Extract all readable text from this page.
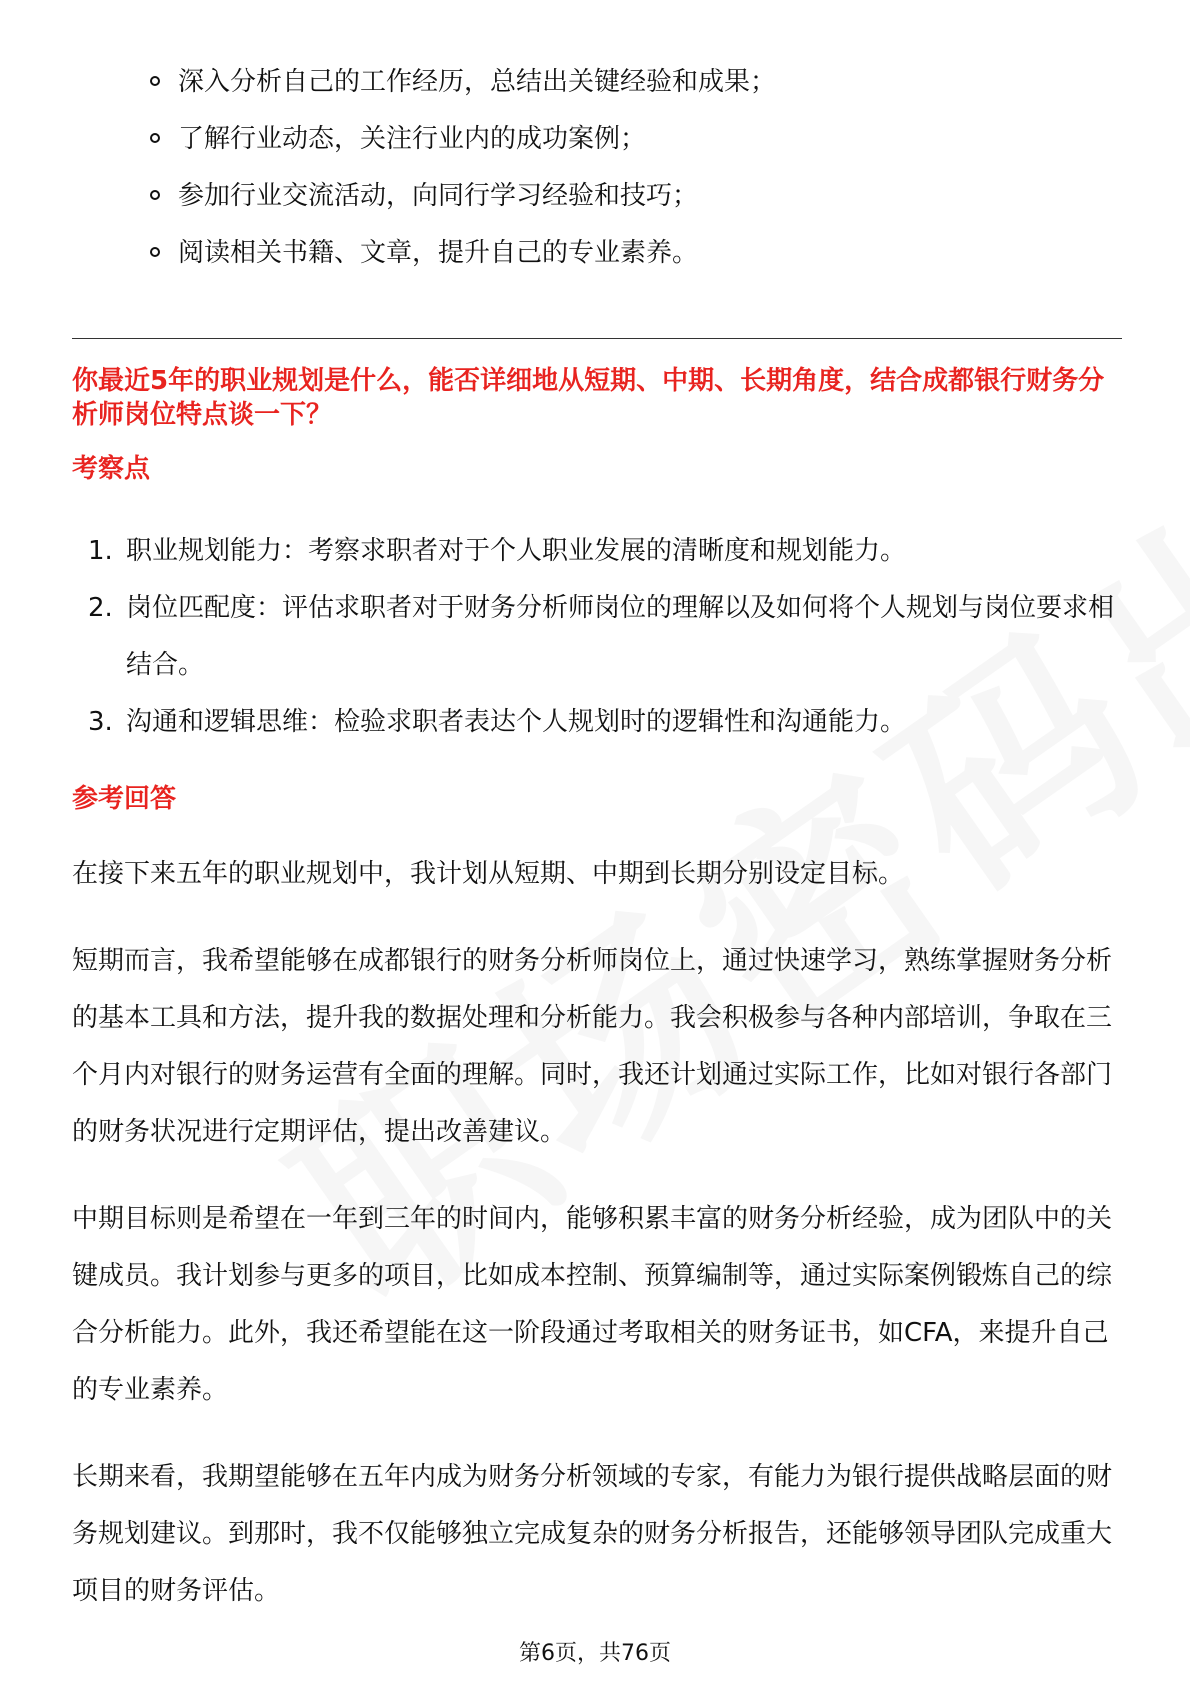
深入分析自己的工作经历，总结出关键经验和成果；
了解行业动态，关注行业内的成功案例；
参加行业交流活动，向同行学习经验和技巧；
阅读相关书籍、文章，提升自己的专业素养。
你最近5年的职业规划是什么，能否详细地从短期、中期、长期角度，结合成都银行财务分析师岗位特点谈一下？
考察点
1. 职业规划能力：考察求职者对于个人职业发展的清晰度和规划能力。
2. 岗位匹配度：评估求职者对于财务分析师岗位的理解以及如何将个人规划与岗位要求相结合。
3. 沟通和逻辑思维：检验求职者表达个人规划时的逻辑性和沟通能力。
参考回答

在接下来五年的职业规划中，我计划从短期、中期到长期分别设定目标。

短期而言，我希望能够在成都银行的财务分析师岗位上，通过快速学习，熟练掌握财务分析的基本工具和方法，提升我的数据处理和分析能力。我会积极参与各种内部培训，争取在三个月内对银行的财务运营有全面的理解。同时，我还计划通过实际工作，比如对银行各部门的财务状况进行定期评估，提出改善建议。

中期目标则是希望在一年到三年的时间内，能够积累丰富的财务分析经验，成为团队中的关键成员。我计划参与更多的项目，比如成本控制、预算编制等，通过实际案例锻炼自己的综合分析能力。此外，我还希望能在这一阶段通过考取相关的财务证书，如CFA，来提升自己的专业素养。

长期来看，我期望能够在五年内成为财务分析领域的专家，有能力为银行提供战略层面的财务规划建议。到那时，我不仅能够独立完成复杂的财务分析报告，还能够领导团队完成重大项目的财务评估。

第6页，共76页
